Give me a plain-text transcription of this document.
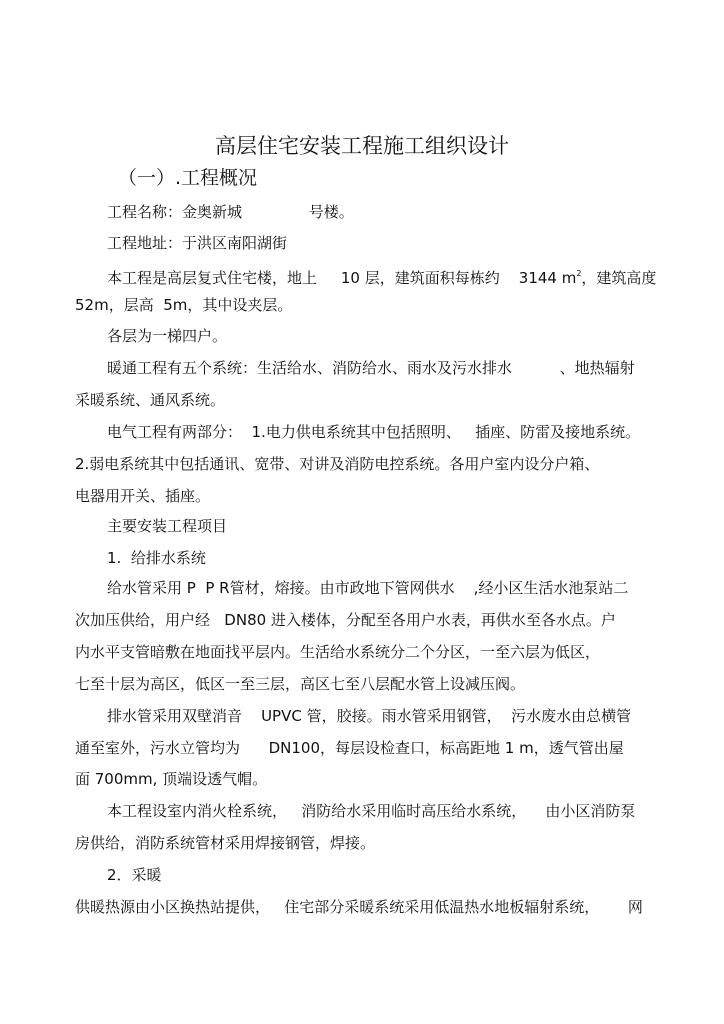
高层住宅安装工程施工组织设计
（一）.工程概况
工程名称：金奥新城              号楼。
工程地址：于洪区南阳湖街
本工程是高层复式住宅楼，地上     10 层，建筑面积每栋约    3144 $m^2$，建筑高度
52m，层高  5m，其中设夹层。
各层为一梯四户。
暖通工程有五个系统：生活给水、消防给水、雨水及污水排水          、地热辐射
采暖系统、通风系统。
电气工程有两部分：  1.电力供电系统其中包括照明、   插座、防雷及接地系统。
2.弱电系统其中包括通讯、宽带、对讲及消防电控系统。各用户室内设分户箱、
电器用开关、插座。
主要安装工程项目
1.  给排水系统
给水管采用 P  P R管材，熔接。由市政地下管网供水    ,经小区生活水池泵站二
次加压供给，用户经   DN80 进入楼体，分配至各用户水表，再供水至各水点。户
内水平支管暗敷在地面找平层内。生活给水系统分二个分区，一至六层为低区，
七至十层为高区，低区一至三层，高区七至八层配水管上设减压阀。
排水管采用双壁消音    UPVC 管，胶接。雨水管采用钢管，  污水废水由总横管
通至室外，污水立管均为      DN100，每层设检查口，标高距地 1 m，透气管出屋
面 700mm, 顶端设透气帽。
本工程设室内消火栓系统，   消防给水采用临时高压给水系统，    由小区消防泵
房供给，消防系统管材采用焊接钢管，焊接。
2．采暖
供暖热源由小区换热站提供，   住宅部分采暖系统采用低温热水地板辐射系统，      网
